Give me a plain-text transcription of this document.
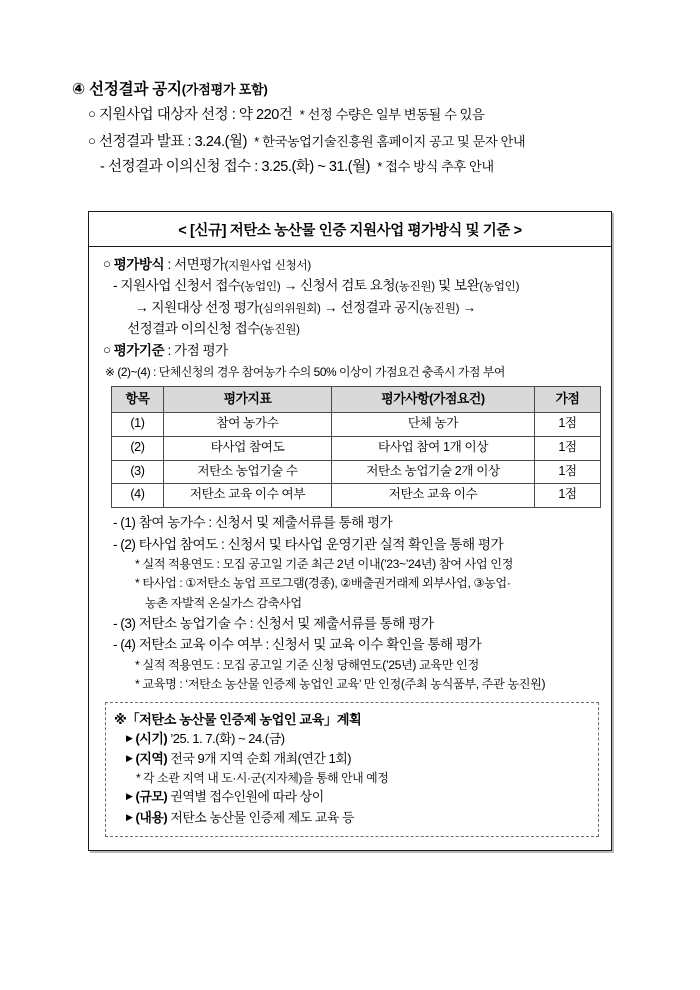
④ 선정결과 공지(가점평가 포함)
○ 지원사업 대상자 선정 : 약 220건 * 선정 수량은 일부 변동될 수 있음
○ 선정결과 발표 : 3.24.(월) * 한국농업기술진흥원 홈페이지 공고 및 문자 안내
- 선정결과 이의신청 접수 : 3.25.(화) ~ 31.(월) * 접수 방식 추후 안내
< [신규] 저탄소 농산물 인증 지원사업 평가방식 및 기준 >
○ 평가방식 : 서면평가(지원사업 신청서)
- 지원사업 신청서 접수(농업인) → 신청서 검토 요청(농진원) 및 보완(농업인)
→ 지원대상 선정 평가(심의위원회) → 선정결과 공지(농진원) →
선정결과 이의신청 접수(농진원)
○ 평가기준 : 가점 평가
※ (2)~(4) : 단체신청의 경우 참여농가 수의 50% 이상이 가점요건 충족시 가점 부여
항목	평가지표	평가사항(가점요건)	가점
(1)	참여 농가수	단체 농가	1점
(2)	타사업 참여도	타사업 참여 1개 이상	1점
(3)	저탄소 농업기술 수	저탄소 농업기술 2개 이상	1점
(4)	저탄소 교육 이수 여부	저탄소 교육 이수	1점
- (1) 참여 농가수 : 신청서 및 제출서류를 통해 평가
- (2) 타사업 참여도 : 신청서 및 타사업 운영기관 실적 확인을 통해 평가
* 실적 적용연도 : 모집 공고일 기준 최근 2년 이내(’23~’24년) 참여 사업 인정
* 타사업 : ①저탄소 농업 프로그램(경종), ②배출권거래제 외부사업, ③농업·
농촌 자발적 온실가스 감축사업
- (3) 저탄소 농업기술 수 : 신청서 및 제출서류를 통해 평가
- (4) 저탄소 교육 이수 여부 : 신청서 및 교육 이수 확인을 통해 평가
* 실적 적용연도 : 모집 공고일 기준 신청 당해연도(’25년) 교육만 인정
* 교육명 : ‘저탄소 농산물 인증제 농업인 교육’ 만 인정(주최 농식품부, 주관 농진원)
※「저탄소 농산물 인증제 농업인 교육」계획
▶ (시기) ’25. 1. 7.(화) ~ 24.(금)
▶ (지역) 전국 9개 지역 순회 개최(연간 1회)
* 각 소관 지역 내 도·시·군(지자체)을 통해 안내 예정
▶ (규모) 권역별 접수인원에 따라 상이
▶ (내용) 저탄소 농산물 인증제 제도 교육 등
